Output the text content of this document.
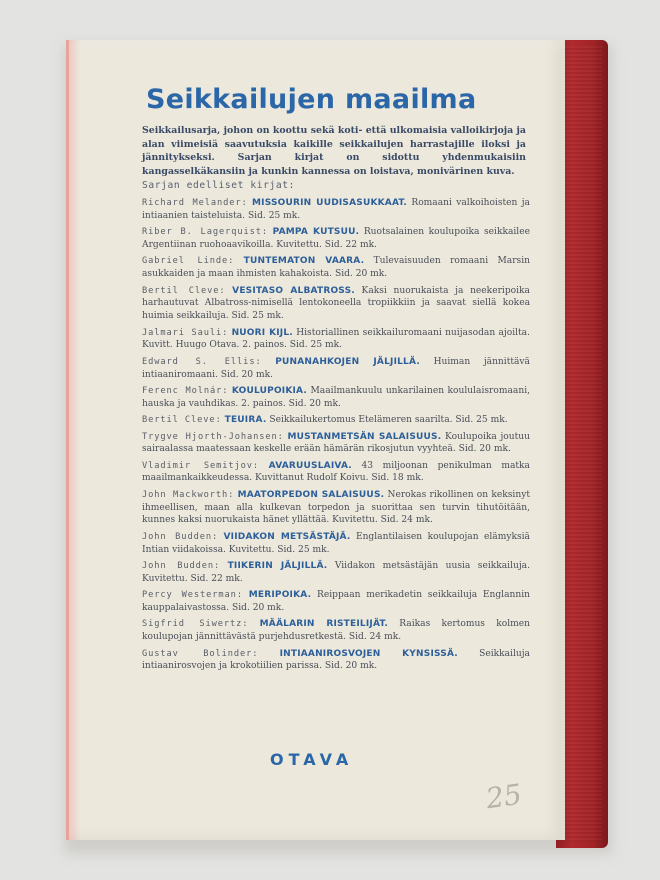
Seikkailujen maailma
Seikkailusarja, johon on koottu sekä koti- että ulkomaisia valloikirjoja ja alan viimeisiä saavutuksia kaikille seikkailujen harrastajille iloksi ja jännitykseksi. Sarjan kirjat on sidottu yhdenmukaisiin kangasselkäkansiin ja kunkin kannessa on loistava, monivärinen kuva.
Sarjan edelliset kirjat:
Richard Melander: MISSOURIN UUDISASUKKAAT. Romaani valkoihoisten ja intiaanien taisteluista. Sid. 25 mk.
Riber B. Lagerquist: PAMPA KUTSUU. Ruotsalainen koulupoika seikkailee Argentiinan ruohoaavikoilla. Kuvitettu. Sid. 22 mk.
Gabriel Linde: TUNTEMATON VAARA. Tulevaisuuden romaani Marsin asukkaiden ja maan ihmisten kahakoista. Sid. 20 mk.
Bertil Cleve: VESITASO ALBATROSS. Kaksi nuorukaista ja neekeripoika harhautuvat Albatross-nimisellä lentokoneella tropiikkiin ja saavat siellä kokea huimia seikkailuja. Sid. 25 mk.
Jalmari Sauli: NUORI KIJL. Historiallinen seikkailuromaani nuijasodan ajoilta. Kuvitt. Huugo Otava. 2. painos. Sid. 25 mk.
Edward S. Ellis: PUNANAHKOJEN JÄLJILLÄ. Huiman jännittävä intiaaniromaani. Sid. 20 mk.
Ferenc Molnár: KOULUPOIKIA. Maailmankuulu unkarilainen koululaisromaani, hauska ja vauhdikas. 2. painos. Sid. 20 mk.
Bertil Cleve: TEUIRA. Seikkailukertomus Etelämeren saarilta. Sid. 25 mk.
Trygve Hjorth-Johansen: MUSTANMETSÄN SALAISUUS. Koulupoika joutuu sairaalassa maatessaan keskelle erään hämärän rikosjutun vyyhteä. Sid. 20 mk.
Vladimir Semitjov: AVARUUSLAIVA. 43 miljoonan penikulman matka maailmankaikkeudessa. Kuvittanut Rudolf Koivu. Sid. 18 mk.
John Mackworth: MAATORPEDON SALAISUUS. Nerokas rikollinen on keksinyt ihmeellisen, maan alla kulkevan torpedon ja suorittaa sen turvin tihutöitään, kunnes kaksi nuorukaista hänet yllättää. Kuvitettu. Sid. 24 mk.
John Budden: VIIDAKON METSÄSTÄJÄ. Englantilaisen koulupojan elämyksiä Intian viidakoissa. Kuvitettu. Sid. 25 mk.
John Budden: TIIKERIN JÄLJILLÄ. Viidakon metsästäjän uusia seikkailuja. Kuvitettu. Sid. 22 mk.
Percy Westerman: MERIPOIKA. Reippaan merikadetin seikkailuja Englannin kauppalaivastossa. Sid. 20 mk.
Sigfrid Siwertz: MÄÄLARIN RISTEILIJÄT. Raikas kertomus kolmen koulupojan jännittävästä purjehdusretkestä. Sid. 24 mk.
Gustav Bolinder: INTIAANIROSVOJEN KYNSISSÄ. Seikkailuja intiaanirosvojen ja krokotiilien parissa. Sid. 20 mk.
OTAVA
25
